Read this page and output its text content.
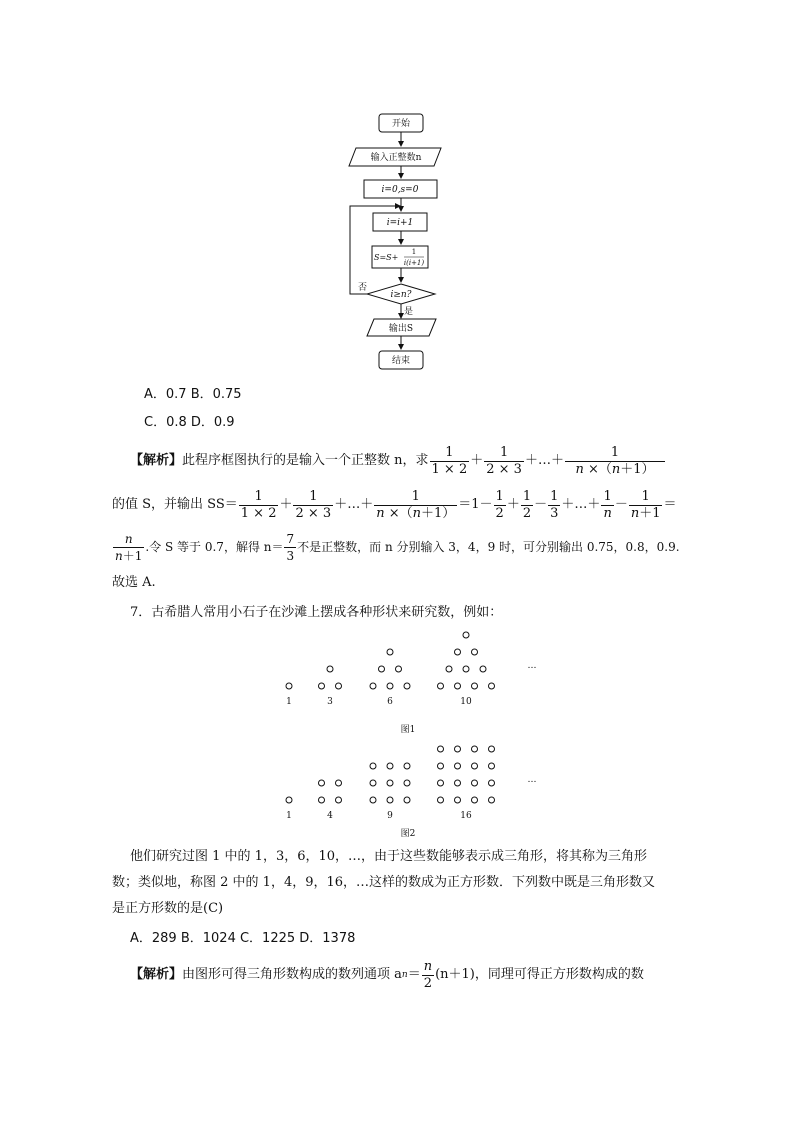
开始
输入正整数n
i=0,s=0
i=i+1
S=S+
1
i(i+1)
i≥n?
否
是
输出S
结束
A．0.7 B．0.75
C．0.8 D．0.9
【解析】 此程序框图执行的是输入一个正整数 n，求 $\frac{1}{1 \times 2} + \frac{1}{2 \times 3}$ ＋…＋ $\frac{1}{n \times(n+1)}$
的值 S，并输出 $SS= \frac{1}{1 \times 2} + \frac{1}{2 \times 3}$ ＋…＋ $\frac{1}{n \times(n+1)} =1- \frac{1}{2} + \frac{1}{2} - \frac{1}{3}$ ＋…＋ $\frac{1}{n} - \frac{1}{n+1}$ ＝
$\frac{n}{n+1}$ .令 S 等于 0.7，解得 $n= \frac{7}{3}$ 不是正整数，而 n 分别输入 3，4，9 时，可分别输出 0.75，0.8，0.9.
故选 A.
7．古希腊人常用小石子在沙滩上摆成各种形状来研究数，例如：
1	3	6	10
…
图1
1	4	9	16
…
图2
他们研究过图 1 中的 1，3，6，10，…，由于这些数能够表示成三角形，将其称为三角形
数；类似地，称图 2 中的 1，4，9，16，…这样的数成为正方形数．下列数中既是三角形数又
是正方形数的是(C)
A．289 B．1024 C．1225 D．1378
【解析】 由图形可得三角形数构成的数列通项 a $n = \frac{n}{2} (n+1)$，同理可得正方形数构成的数
